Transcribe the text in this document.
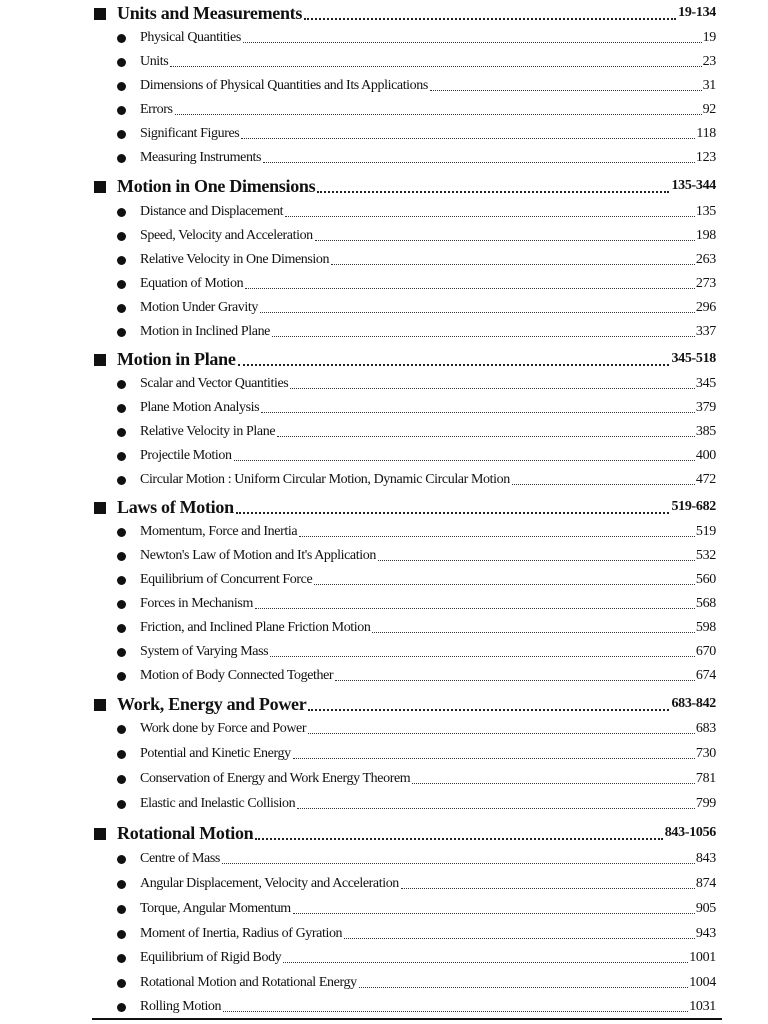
Units and Measurements	19-134
Physical Quantities	19
Units	23
Dimensions of Physical Quantities and Its Applications	31
Errors	92
Significant Figures	118
Measuring Instruments	123
Motion in One Dimensions	135-344
Distance and Displacement	135
Speed, Velocity and Acceleration	198
Relative Velocity in One Dimension	263
Equation of Motion	273
Motion Under Gravity	296
Motion in Inclined Plane	337
Motion in Plane	345-518
Scalar and Vector Quantities	345
Plane Motion Analysis	379
Relative Velocity in Plane	385
Projectile Motion	400
Circular Motion : Uniform Circular Motion, Dynamic Circular Motion	472
Laws of Motion	519-682
Momentum, Force and Inertia	519
Newton's Law of Motion and It's Application	532
Equilibrium of Concurrent Force	560
Forces in Mechanism	568
Friction, and Inclined Plane Friction Motion	598
System of Varying Mass	670
Motion of Body Connected Together	674
Work, Energy and Power	683-842
Work done by Force and Power	683
Potential and Kinetic Energy	730
Conservation of Energy and Work Energy Theorem	781
Elastic and Inelastic Collision	799
Rotational Motion	843-1056
Centre of Mass	843
Angular Displacement, Velocity and Acceleration	874
Torque, Angular Momentum	905
Moment of Inertia, Radius of Gyration	943
Equilibrium of Rigid Body	1001
Rotational Motion and Rotational Energy	1004
Rolling Motion	1031
